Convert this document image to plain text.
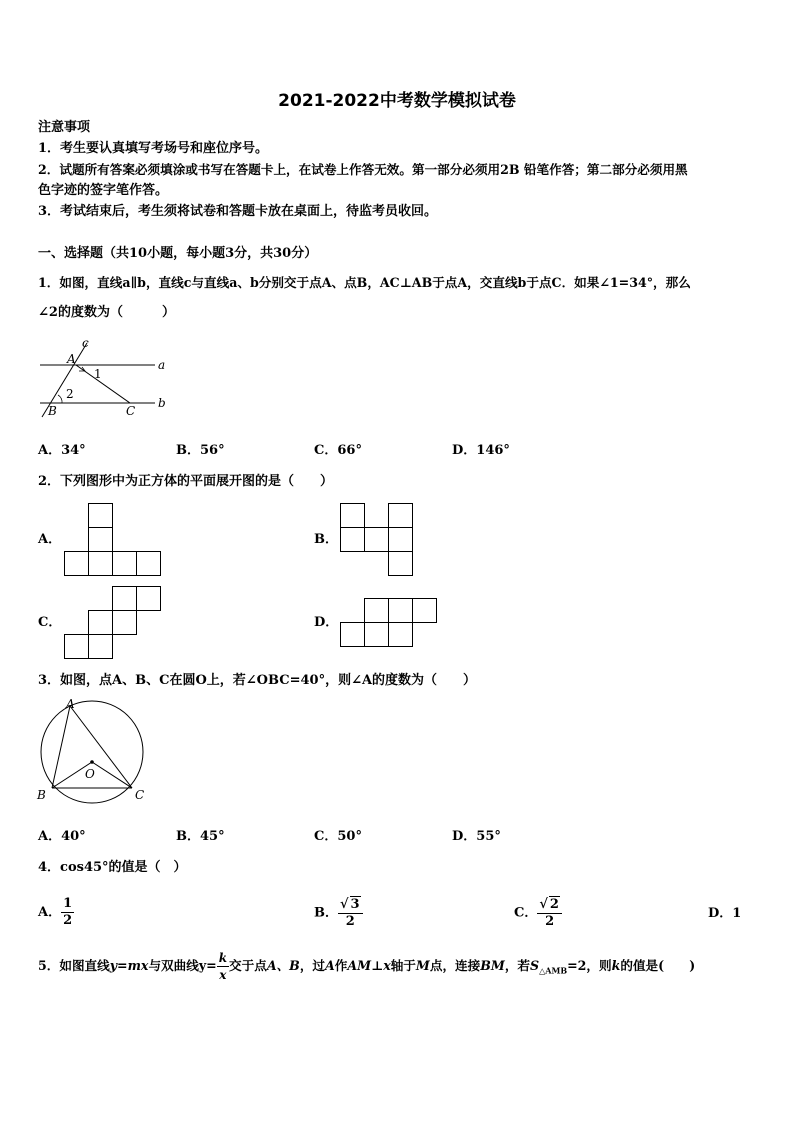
2021-2022中考数学模拟试卷
注意事项
1．考生要认真填写考场号和座位序号。
2．试题所有答案必须填涂或书写在答题卡上，在试卷上作答无效。第一部分必须用2B 铅笔作答；第二部分必须用黑
色字迹的签字笔作答。
3．考试结束后，考生须将试卷和答题卡放在桌面上，待监考员收回。
一、选择题（共10小题，每小题3分，共30分）
1．如图，直线a∥b，直线c与直线a、b分别交于点A、点B，AC⊥AB于点A，交直线b于点C．如果∠1=34°，那么
∠2的度数为（　　　）
c
A	a
1
2
B	C
b
A．34°	B．56°	C．66°	D．146°
2．下列图形中为正方体的平面展开图的是（　　）
A．	B．
C．	D．
3．如图，点A、B、C在圆O上，若∠OBC=40°，则∠A的度数为（　　）
A
O
B	C
A．40°	B．45°	C．50°	D．55°
4．cos45°的值是（　）
A． $\frac{1}{2}$	B． $\frac{√ 3}{2}$	C． $\frac{√ 2}{2}$	D．1
5．如图直线y=mx与双曲线$y= \frac{k}{x}$ 交于点A、B，过A作AM⊥x轴于M点，连接BM，若$S_{\triangle AMB}=2$，则k的值是(　　)
